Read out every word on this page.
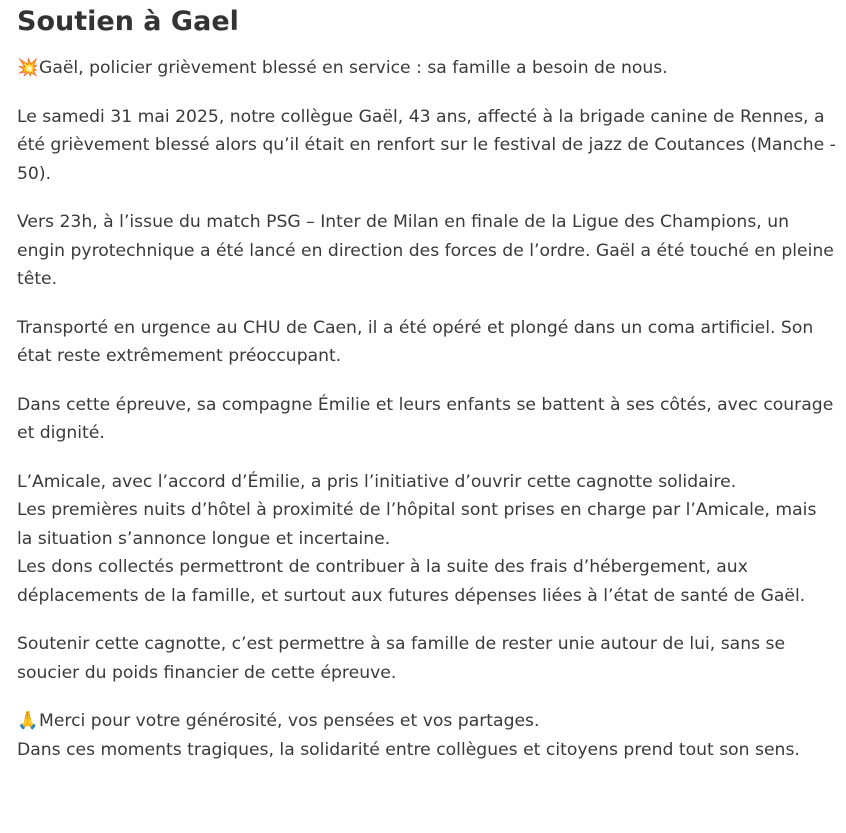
Soutien à Gael

💥Gaël, policier grièvement blessé en service : sa famille a besoin de nous.

Le samedi 31 mai 2025, notre collègue Gaël, 43 ans, affecté à la brigade canine de Rennes, a été grièvement blessé alors qu’il était en renfort sur le festival de jazz de Coutances (Manche - 50).

Vers 23h, à l’issue du match PSG – Inter de Milan en finale de la Ligue des Champions, un engin pyrotechnique a été lancé en direction des forces de l’ordre. Gaël a été touché en pleine tête.

Transporté en urgence au CHU de Caen, il a été opéré et plongé dans un coma artificiel. Son état reste extrêmement préoccupant.

Dans cette épreuve, sa compagne Émilie et leurs enfants se battent à ses côtés, avec courage et dignité.

L’Amicale, avec l’accord d’Émilie, a pris l’initiative d’ouvrir cette cagnotte solidaire.
Les premières nuits d’hôtel à proximité de l’hôpital sont prises en charge par l’Amicale, mais la situation s’annonce longue et incertaine.
Les dons collectés permettront de contribuer à la suite des frais d’hébergement, aux déplacements de la famille, et surtout aux futures dépenses liées à l’état de santé de Gaël.

Soutenir cette cagnotte, c’est permettre à sa famille de rester unie autour de lui, sans se soucier du poids financier de cette épreuve.

🙏Merci pour votre générosité, vos pensées et vos partages.
Dans ces moments tragiques, la solidarité entre collègues et citoyens prend tout son sens.
